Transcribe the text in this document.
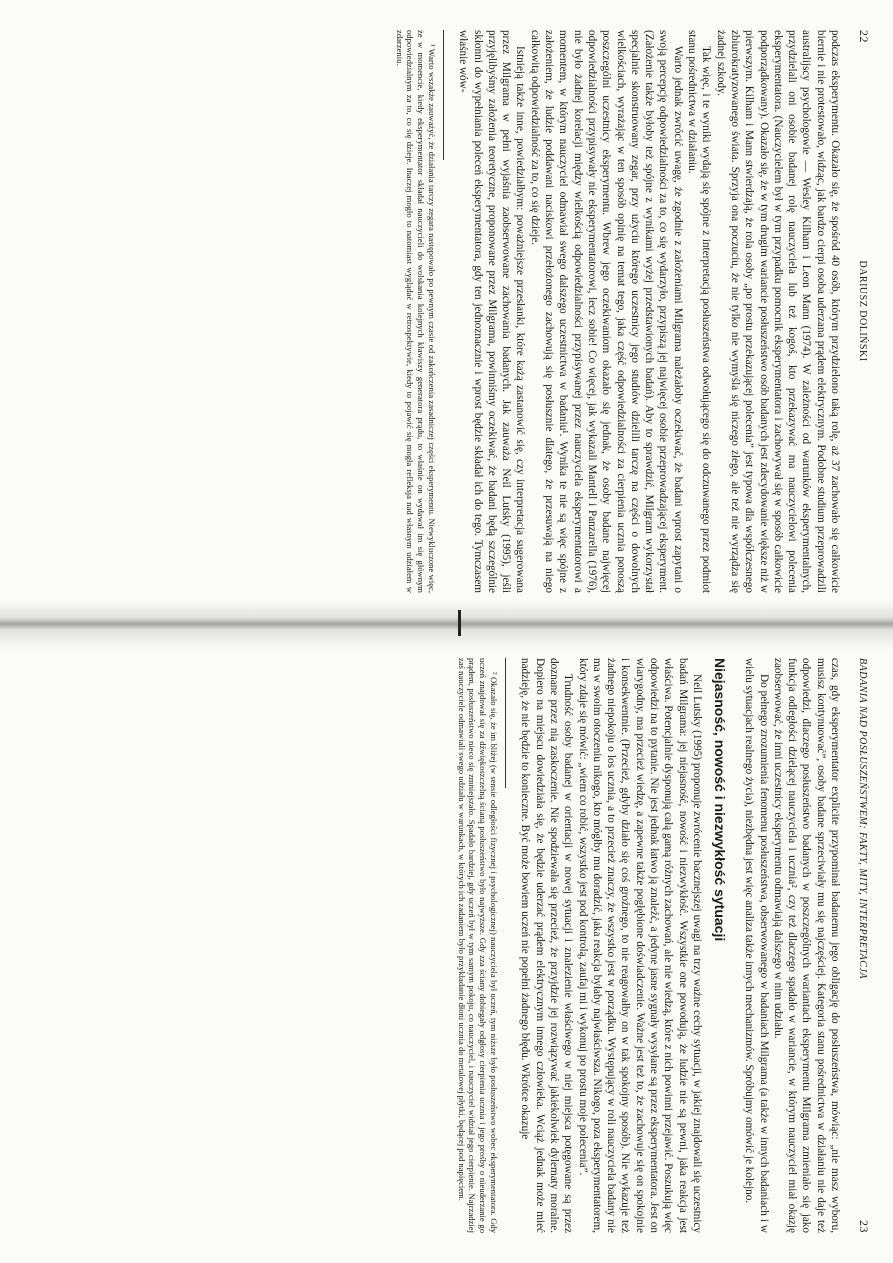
22
DARIUSZ DOLIŃSKI

podczas eksperymentu. Okazało się, że spośród 40 osób, którym przydzielono taką rolę, aż 37 zachowało się całkowicie biernie i nie protestowało, widząc, jak bardzo cierpi osoba uderzana prądem elektrycznym. Podobne studium przeprowadzili australijscy psychologowie — Wesley Kilham i Leon Mann (1974). W zależności od warunków eksperymentalnych, przydzielali oni osobie badanej rolę nauczyciela lub też kogoś, kto przekazywać ma nauczycielowi polecenia eksperymentatora. (Nauczycielem był w tym przypadku pomocnik eksperymentatora i zachowywał się w sposób całkowicie podporządkowany). Okazało się, że w tym drugim wariancie posłuszeństwo osób badanych jest zdecydowanie większe niż w pierwszym. Kilham i Mann stwierdzają, że rola osoby „po prostu przekazującej polecenia” jest typowa dla współczesnego zbiurokratyzowanego świata. Sprzyja ona poczuciu, że nie tylko nie wymyśla się niczego złego, ale też nie wyrządza się żadnej szkody.

Tak więc, i te wyniki wydają się spójne z interpretacją posłuszeństwa odwołującego się do odczuwanego przez podmiot stanu pośrednictwa w działaniu.

Warto jednak zwrócić uwagę, że zgodnie z założeniami Milgrama należałoby oczekiwać, że badani wprost zapytani o swoją percepcję odpowiedzialności za to, co się wydarzyło, przypiszą jej najwięcej osobie przeprowadzającej eksperyment. (Założenie także byłoby też spójne z wynikami wyżej przedstawionych badań). Aby to sprawdzić, Milgram wykorzystał specjalnie skonstruowany zegar, przy użyciu którego uczestnicy jego studiów dzielili tarczę na części o dowolnych wielkościach, wyrażając w ten sposób opinię na temat tego, jaka część odpowiedzialności za cierpienia ucznia ponoszą poszczególni uczestnicy eksperymentu. Wbrew jego oczekiwaniom okazało się jednak, że osoby badane najwięcej odpowiedzialności przypisywały nie eksperymentatorowi, lecz sobie! Co więcej, jak wykazali Mantell i Panzarella (1976), nie było żadnej korelacji między wielkością odpowiedzialności przypisywanej przez nauczyciela eksperymentatorowi a momentem, w którym nauczyciel odmawiał swego dalszego uczestnictwa w badaniu¹. Wynika te nie są więc spójne z założeniem, że ludzie poddawani naciskowi przełożonego zachowują się posłusznie dlatego, że przesuwają na niego całkowitą odpowiedzialność za to, co się dzieje.

Istnieją także inne, powiedziałbym: poważniejsze przesłanki, które każą zastanowić się, czy interpretacja sugerowana przez Milgrama w pełni wyjaśnia zaobserwowane zachowania badanych. Jak zauważa Neil Lutsky (1995), jeśli przyjęlibyśmy założenia teoretyczne, proponowane przez Milgrama, powinniśmy oczekiwać, że badani będą szczególnie skłonni do wypełniania poleceń eksperymentatora, gdy ten jednoznacznie i wprost będzie składał ich do tego. Tymczasem właśnie wów-

¹ Warto wszakże zauważyć, że działania tarczy zegara następowało po pewnym czasie od zakończenia zasadniczej części eksperymentu. Niewykluczone więc, że w momencie, kiedy eksperymentator składał nauczycieli do wolskania kolejnych kławiszy generatora prądu, to właśnie on wydawał im się głównym odpowiedzialnym za to, co się dzieje. Inaczej mogło to natomiast wyglądać w retrospektywie, kiedy to pojawić się mogła refleksja nad własnym udziałem w zdarzeniu.

BADANIA NAD POSŁUSZEŃSTWEM: FAKTY, MITY, INTERPRETACJA
23

czas, gdy eksperymentator explicite przypominał badanemu jego obligację do posłuszeństwa, mówiąc: „nie masz wyboru, musisz kontynuować”, osoby badane sprzeciwiały mu się najczęściej. Kategoria stanu pośrednictwa w działaniu nie daje też odpowiedzi, dlaczego posłuszeństwo badanych w poszczególnych wariantach eksperymentu Milgrama zmieniało się jako funkcja odległości dzielącej nauczyciela i ucznia², czy też dlaczego spadało w wariancie, w którym nauczyciel miał okazję zaobserwować, że inni uczestnicy eksperymentu odmawiają dalszego w nim udziału.

Do pełnego zrozumienia fenomenu posłuszeństwa, obserwowanego w badaniach Milgrama (a także w innych badaniach i w wielu sytuacjach realnego życia), niezbędna jest więc analiza także innych mechanizmów. Spróbujmy omówić je kolejno.

Niejasność, nowość i niezwykłość sytuacji

Neil Lutsky (1995) proponuje zwrócenie bacznejszej uwagi na trzy ważne cechy sytuacji, w jakiej znajdowali się uczestnicy badań Milgrama: jej niejasność, nowość i niezwykłość. Wszystkie one powodują, że ludzie nie są pewni, jaka reakcja jest właściwa. Potencjalnie dysponują całą gamą różnych zachowań, ale nie wiedzą, które z nich powinni przejawić. Poszukują więc odpowiedzi na to pytanie. Nie jest jednak łatwo ją znaleźć, a jedyne jasne sygnały wysyłane są przez eksperymentatora. Jest on wiarygodny, ma przecież wiedzę, a zapewne także pogłębione doświadczenie. Ważne jest też to, że zachowuje się on spokojnie i konsekwentnie. (Przecież, gdyby działo się coś groźnego, to nie reagowałby on w tak spokojny sposób). Nie wykazuje też żadnego niepokoju o los ucznia, a to przecież znaczy, że wszystko jest w porządku. Występujący w roli nauczyciela badany nie ma w swoim otoczeniu nikogo, kto mógłby mu doradzić, jaka reakcja byłaby najwłaściwsza. Nikogo, poza eksperymentatorem, który zdaje się mówić: „wiem co robić, wszystko jest pod kontrolą, zaufaj mi i wykonuj po prostu moje polecenia”.

Trudność osoby badanej w orientacji w nowej sytuacji i znalezienie właściwego w niej miejsca potęgowane są przez doznane przez nią zaskoczenie. Nie spodziewała się przecież, że przyjdzie jej rozwiązywać jakiekolwiek dylematy moralne. Dopiero na miejscu dowiedziała się, że będzie uderzać prądem elektrycznym innego człowieka. Wciąż jednak może mieć nadzieję, że nie będzie to konieczne. Być może bowiem uczeń nie popełni żadnego błędu. Wkrótce okazuje

² Okazało się, że im bliżej (w sensie odległości fizycznej i psychologicznej) nauczyciela był uczeń, tym niższe było posłuszeństwo wobec eksperymentatora. Gdy uczeń znajdował się za dźwiękoszczelną ścianą posłuszeństwo było najwyższe. Gdy zza ściany dobiegały odgłosy cierpienia ucznia i jego prośby o nieuderzanie go prądem, posłuszeństwo nieco się zmniejszało. Spadało bardziej, gdy uczeń był w tym samym pokoju, co nauczyciel, i nauczyciel widział jego cierpienie. Najrzadziej zaś nauczyciele odmawiali swego udziału w warunkach, w których ich zadaniem było przykładanie dłoni ucznia do metalowej płytki, będącej pod napięciem.
